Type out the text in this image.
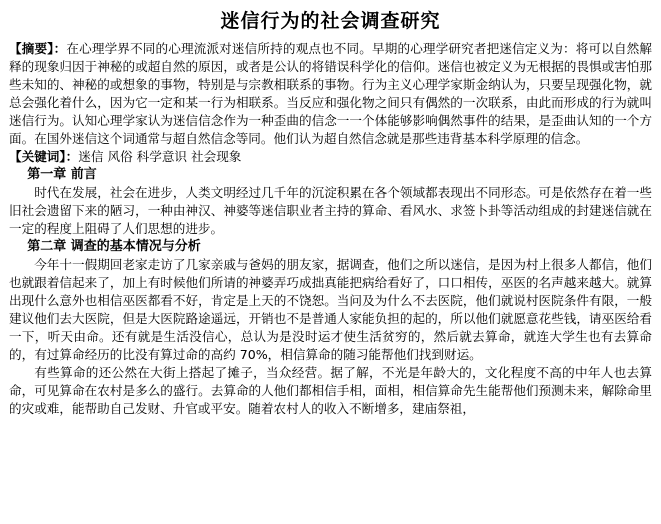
迷信行为的社会调查研究

【摘要】：在心理学界不同的心理流派对迷信所持的观点也不同。早期的心理学研究者把迷信定义为：将可以自然解释的现象归因于神秘的或超自然的原因，或者是公认的将错误科学化的信仰。迷信也被定义为无根据的畏惧或害怕那些未知的、神秘的或想象的事物，特别是与宗教相联系的事物。行为主义心理学家斯金纳认为，只要呈现强化物，就总会强化着什么，因为它一定和某一行为相联系。当反应和强化物之间只有偶然的一次联系，由此而形成的行为就叫迷信行为。认知心理学家认为迷信信念作为一种歪曲的信念一一个体能够影响偶然事件的结果，是歪曲认知的一个方面。在国外迷信这个词通常与超自然信念等同。他们认为超自然信念就是那些违背基本科学原理的信念。

【关键词】：迷信 风俗 科学意识 社会现象

第一章 前言

时代在发展，社会在进步，人类文明经过几千年的沉淀积累在各个领域都表现出不同形态。可是依然存在着一些旧社会遗留下来的陋习，一种由神汉、神婆等迷信职业者主持的算命、看风水、求签卜卦等活动组成的封建迷信就在一定的程度上阻碍了人们思想的进步。

第二章 调查的基本情况与分析

今年十一假期回老家走访了几家亲戚与爸妈的朋友家，据调查，他们之所以迷信，是因为村上很多人都信，他们也就跟着信起来了，加上有时候他们所请的神婆弄巧成拙真能把病给看好了，口口相传，巫医的名声越来越大。就算出现什么意外也相信巫医都看不好，肯定是上天的不饶恕。当问及为什么不去医院，他们就说村医院条件有限，一般建议他们去大医院，但是大医院路途遥远，开销也不是普通人家能负担的起的，所以他们就愿意花些钱，请巫医给看一下，听天由命。还有就是生活没信心，总认为是没时运才使生活贫穷的，然后就去算命，就连大学生也有去算命的，有过算命经历的比没有算过命的高约 70%，相信算命的随习能帮他们找到财运。

有些算命的还公然在大街上搭起了摊子，当众经营。据了解，不光是年龄大的，文化程度不高的中年人也去算命，可见算命在农村是多么的盛行。去算命的人他们都相信手相，面相，相信算命先生能帮他们预测未来，解除命里的灾或难，能帮助自己发财、升官或平安。随着农村人的收入不断增多，建庙祭祖，
